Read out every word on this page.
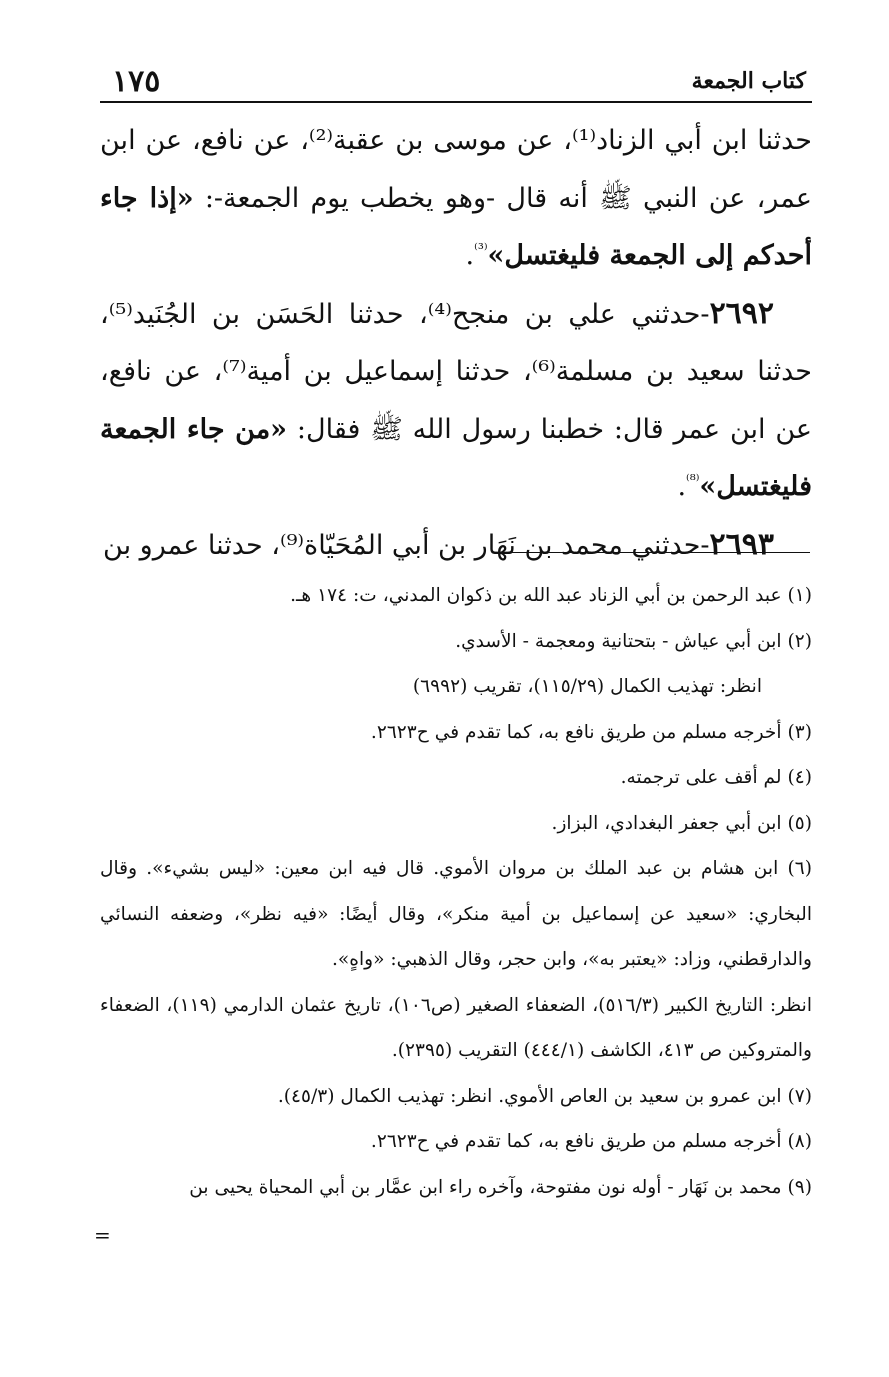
١٧٥	كتاب الجمعة

حدثنا ابن أبي الزناد⁽¹⁾، عن موسى بن عقبة⁽²⁾، عن نافع، عن ابن عمر، عن النبي ﷺ أنه قال -وهو يخطب يوم الجمعة-: «إذا جاء أحدكم إلى الجمعة فليغتسل»$^{^{(3)}}$.

٢٦٩٢-حدثني علي بن منجح⁽⁴⁾، حدثنا الحَسَن بن الجُنَيد⁽⁵⁾، حدثنا سعيد بن مسلمة⁽⁶⁾، حدثنا إسماعيل بن أمية⁽⁷⁾، عن نافع، عن ابن عمر قال: خطبنا رسول الله ﷺ فقال: «من جاء الجمعة فليغتسل»$^{^{(8)}}$.

٢٦٩٣-حدثني محمد بن نَهَار بن أبي المُحَيّاة⁽⁹⁾، حدثنا عمرو بن

(١) عبد الرحمن بن أبي الزناد عبد الله بن ذكوان المدني، ت: ١٧٤ هـ.

(٢) ابن أبي عياش - بتحتانية ومعجمة - الأسدي.

انظر: تهذيب الكمال (١١٥/٢٩)، تقريب (٦٩٩٢)

(٣) أخرجه مسلم من طريق نافع به، كما تقدم في ح٢٦٢٣.

(٤) لم أقف على ترجمته.

(٥) ابن أبي جعفر البغدادي، البزاز.

(٦) ابن هشام بن عبد الملك بن مروان الأموي. قال فيه ابن معين: «ليس بشيء». وقال البخاري: «سعيد عن إسماعيل بن أمية منكر»، وقال أيضًا: «فيه نظر»، وضعفه النسائي والدارقطني، وزاد: «يعتبر به»، وابن حجر، وقال الذهبي: «واهٍ».

انظر: التاريخ الكبير (٥١٦/٣)، الضعفاء الصغير (ص١٠٦)، تاريخ عثمان الدارمي (١١٩)، الضعفاء والمتروكين ص ٤١٣، الكاشف (٤٤٤/١) التقريب (٢٣٩٥).

(٧) ابن عمرو بن سعيد بن العاص الأموي. انظر: تهذيب الكمال (٤٥/٣).

(٨) أخرجه مسلم من طريق نافع به، كما تقدم في ح٢٦٢٣.

(٩) محمد بن نَهَار - أوله نون مفتوحة، وآخره راء ابن عمَّار بن أبي المحياة يحيى بن

=
